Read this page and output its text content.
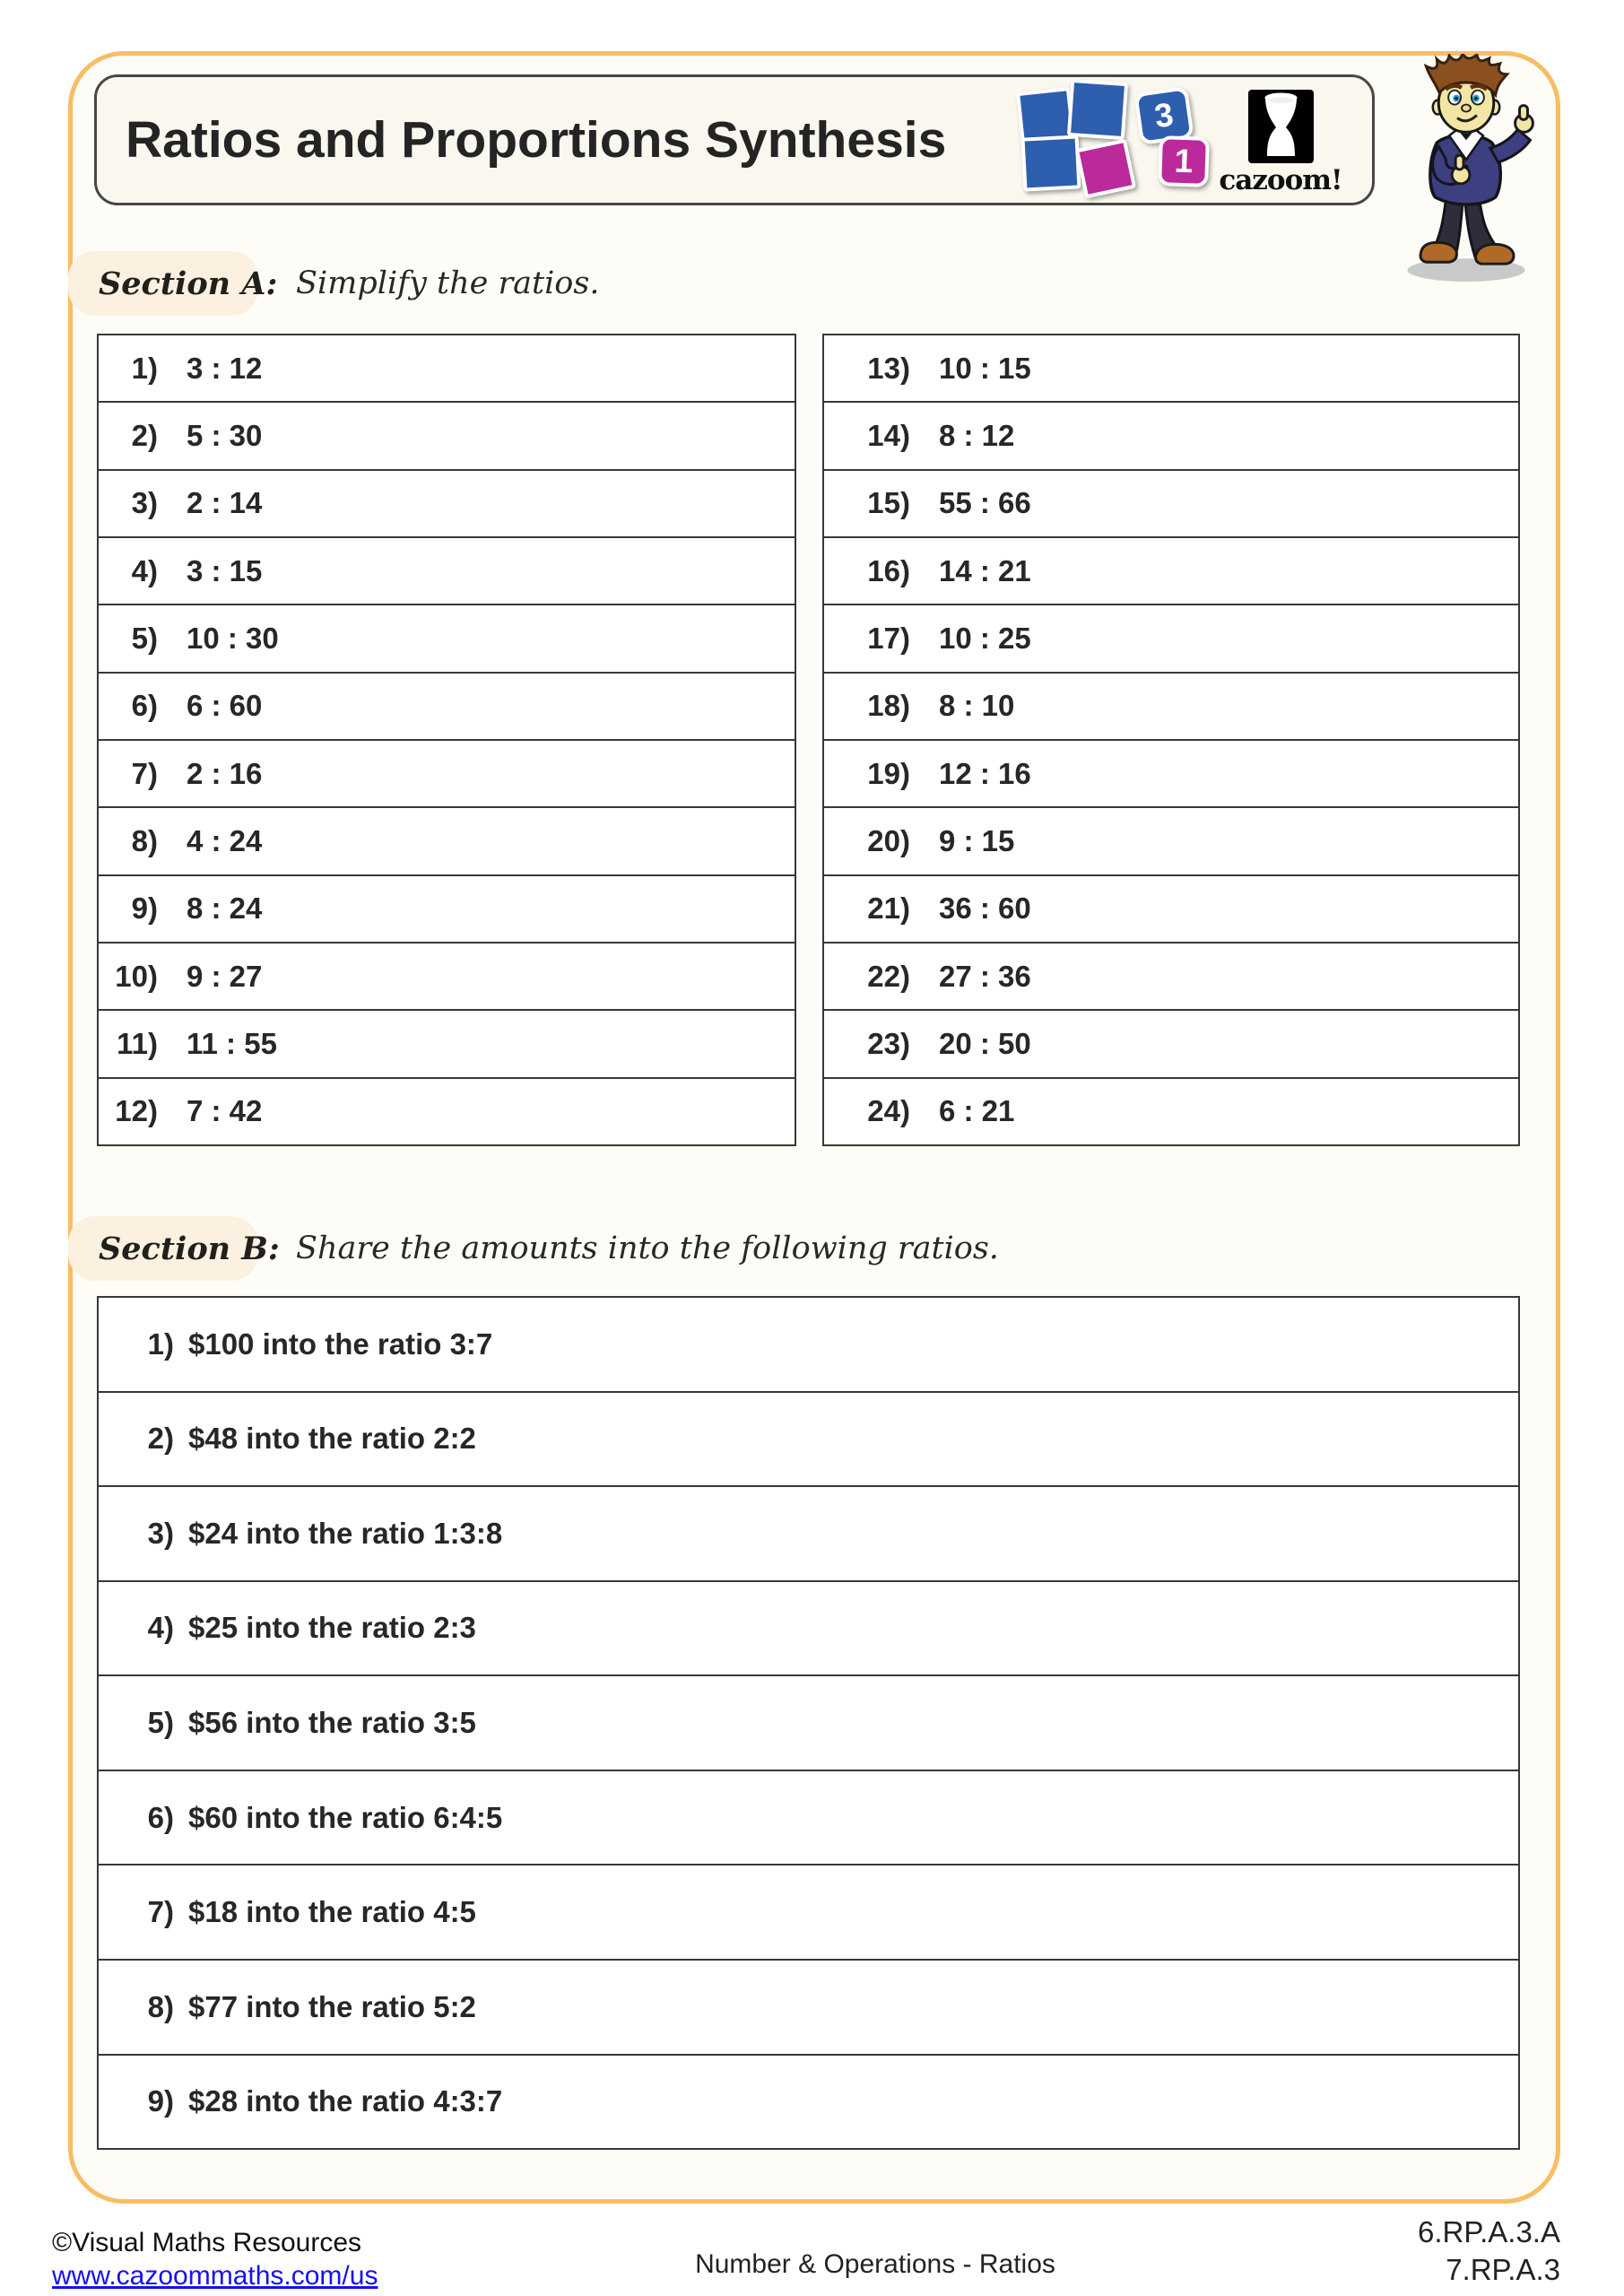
Ratios and Proportions Synthesis	3
1
cazoom!
Section A: Simplify the ratios.
1) 3 : 12
2) 5 : 30
3) 2 : 14
4) 3 : 15
5) 10 : 30
6) 6 : 60
7) 2 : 16
8) 4 : 24
9) 8 : 24
10) 9 : 27
11) 11 : 55
12) 7 : 42
13) 10 : 15
14) 8 : 12
15) 55 : 66
16) 14 : 21
17) 10 : 25
18) 8 : 10
19) 12 : 16
20) 9 : 15
21) 36 : 60
22) 27 : 36
23) 20 : 50
24) 6 : 21
Section B: Share the amounts into the following ratios.
1) $100 into the ratio 3:7
2) $48 into the ratio 2:2
3) $24 into the ratio 1:3:8
4) $25 into the ratio 2:3
5) $56 into the ratio 3:5
6) $60 into the ratio 6:4:5
7) $18 into the ratio 4:5
8) $77 into the ratio 5:2
9) $28 into the ratio 4:3:7
©Visual Maths Resources
www.cazoommaths.com/us	Number & Operations - Ratios
6.RP.A.3.A
7.RP.A.3
